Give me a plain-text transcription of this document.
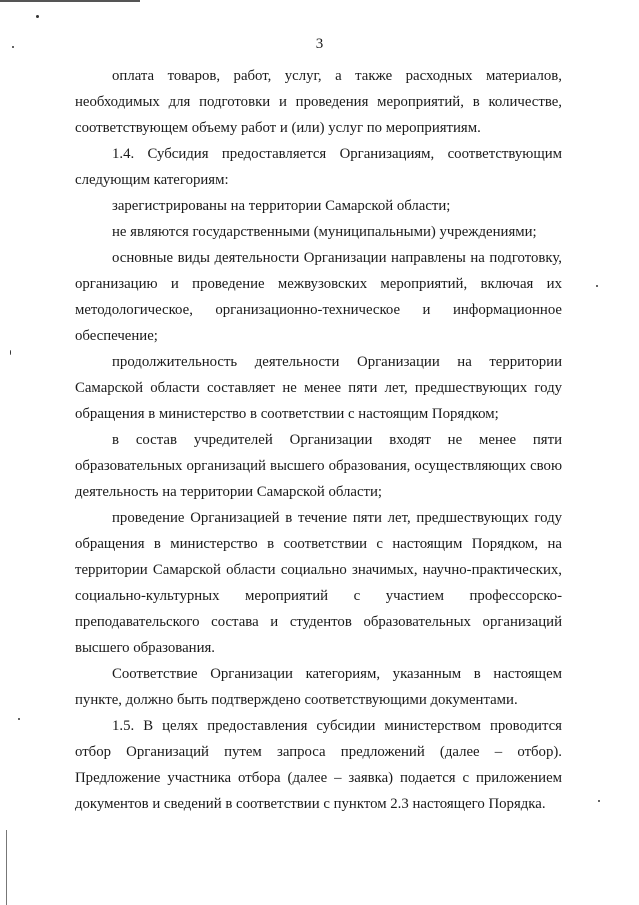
3

оплата товаров, работ, услуг, а также расходных материалов, необходимых для подготовки и проведения мероприятий, в количестве, соответствующем объему работ и (или) услуг по мероприятиям.

1.4. Субсидия предоставляется Организациям, соответствующим следующим категориям:

зарегистрированы на территории Самарской области;

не являются государственными (муниципальными) учреждениями;

основные виды деятельности Организации направлены на подготовку, организацию и проведение межвузовских мероприятий, включая их методологическое, организационно-техническое и информационное обеспечение;

продолжительность деятельности Организации на территории Самарской области составляет не менее пяти лет, предшествующих году обращения в министерство в соответствии с настоящим Порядком;

в состав учредителей Организации входят не менее пяти образовательных организаций высшего образования, осуществляющих свою деятельность на территории Самарской области;

проведение Организацией в течение пяти лет, предшествующих году обращения в министерство в соответствии с настоящим Порядком, на территории Самарской области социально значимых, научно-практических, социально-культурных мероприятий с участием профессорско-преподавательского состава и студентов образовательных организаций высшего образования.

Соответствие Организации категориям, указанным в настоящем пункте, должно быть подтверждено соответствующими документами.

1.5. В целях предоставления субсидии министерством проводится отбор Организаций путем запроса предложений (далее – отбор). Предложение участника отбора (далее – заявка) подается с приложением документов и сведений в соответствии с пунктом 2.3 настоящего Порядка.
